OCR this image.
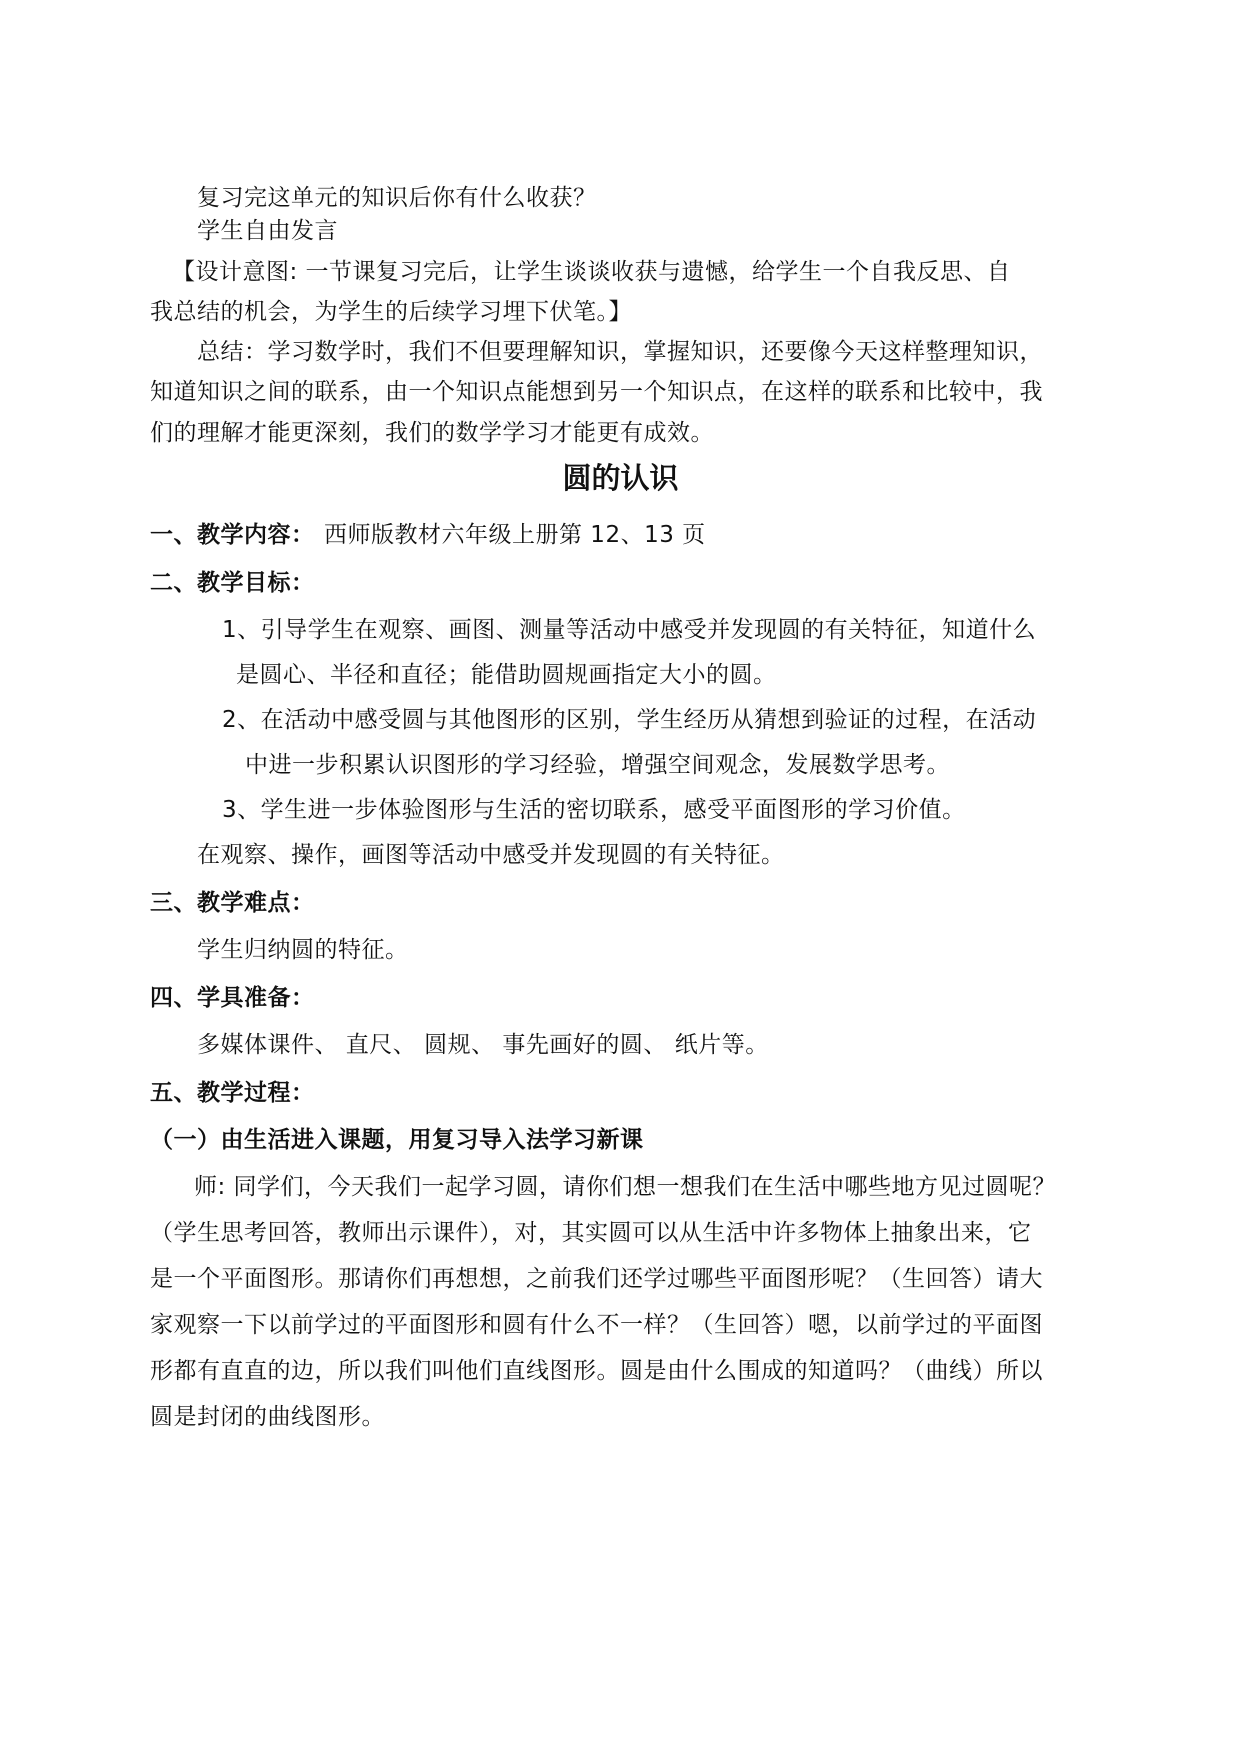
复习完这单元的知识后你有什么收获？
学生自由发言
【设计意图: 一节课复习完后，让学生谈谈收获与遗憾，给学生一个自我反思、自
我总结的机会，为学生的后续学习埋下伏笔。】
总结：学习数学时，我们不但要理解知识，掌握知识，还要像今天这样整理知识，
知道知识之间的联系，由一个知识点能想到另一个知识点，在这样的联系和比较中，我
们的理解才能更深刻，我们的数学学习才能更有成效。
圆的认识
一、教学内容： 西师版教材六年级上册第 12、13 页
二、教学目标：
1、引导学生在观察、画图、测量等活动中感受并发现圆的有关特征，知道什么
是圆心、半径和直径；能借助圆规画指定大小的圆。
2、在活动中感受圆与其他图形的区别，学生经历从猜想到验证的过程，在活动
中进一步积累认识图形的学习经验，增强空间观念，发展数学思考。
3、学生进一步体验图形与生活的密切联系，感受平面图形的学习价值。
在观察、操作，画图等活动中感受并发现圆的有关特征。
三、教学难点：
学生归纳圆的特征。
四、学具准备：
多媒体课件、 直尺、 圆规、 事先画好的圆、 纸片等。
五、教学过程：
（一）由生活进入课题，用复习导入法学习新课
师: 同学们，今天我们一起学习圆，请你们想一想我们在生活中哪些地方见过圆呢？
（学生思考回答，教师出示课件），对，其实圆可以从生活中许多物体上抽象出来，它
是一个平面图形。那请你们再想想，之前我们还学过哪些平面图形呢？（生回答）请大
家观察一下以前学过的平面图形和圆有什么不一样？（生回答）嗯，以前学过的平面图
形都有直直的边，所以我们叫他们直线图形。圆是由什么围成的知道吗？（曲线）所以
圆是封闭的曲线图形。
